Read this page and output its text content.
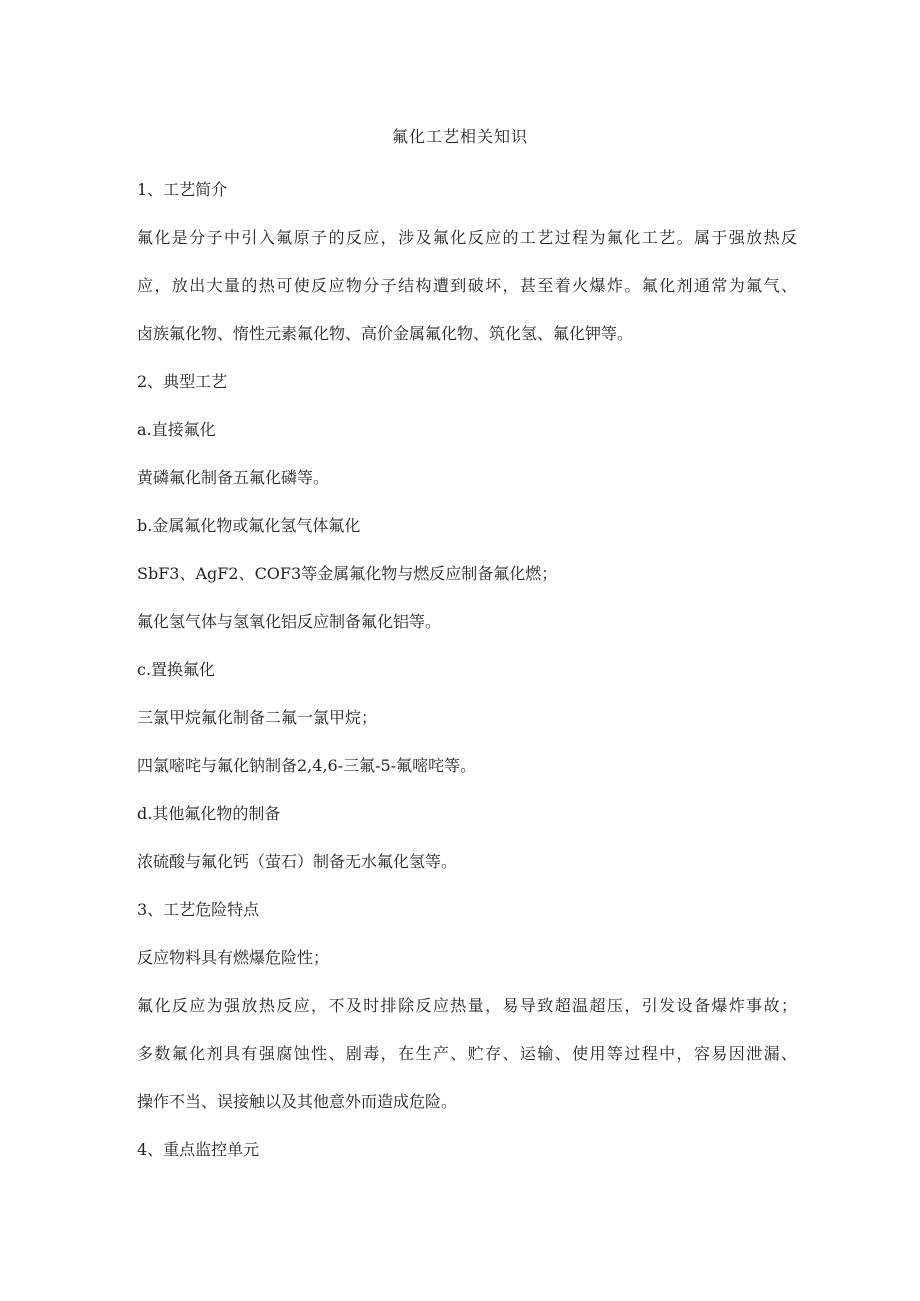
氟化工艺相关知识
1、工艺简介
氟化是分子中引入氟原子的反应，涉及氟化反应的工艺过程为氟化工艺。属于强放热反
应，放出大量的热可使反应物分子结构遭到破坏，甚至着火爆炸。氟化剂通常为氟气、
卤族氟化物、惰性元素氟化物、高价金属氟化物、筑化氢、氟化钾等。
2、典型工艺
a.直接氟化
黄磷氟化制备五氟化磷等。
b.金属氟化物或氟化氢气体氟化
SbF3、AgF2、COF3等金属氟化物与燃反应制备氟化燃；
氟化氢气体与氢氧化铝反应制备氟化铝等。
c.置换氟化
三氯甲烷氟化制备二氟一氯甲烷；
四氯嘧咤与氟化钠制备2,4,6-三氟-5-氟嘧咤等。
d.其他氟化物的制备
浓硫酸与氟化钙（萤石）制备无水氟化氢等。
3、工艺危险特点
反应物料具有燃爆危险性；
氟化反应为强放热反应，不及时排除反应热量，易导致超温超压，引发设备爆炸事故；
多数氟化剂具有强腐蚀性、剧毒，在生产、贮存、运输、使用等过程中，容易因泄漏、
操作不当、误接触以及其他意外而造成危险。
4、重点监控单元
